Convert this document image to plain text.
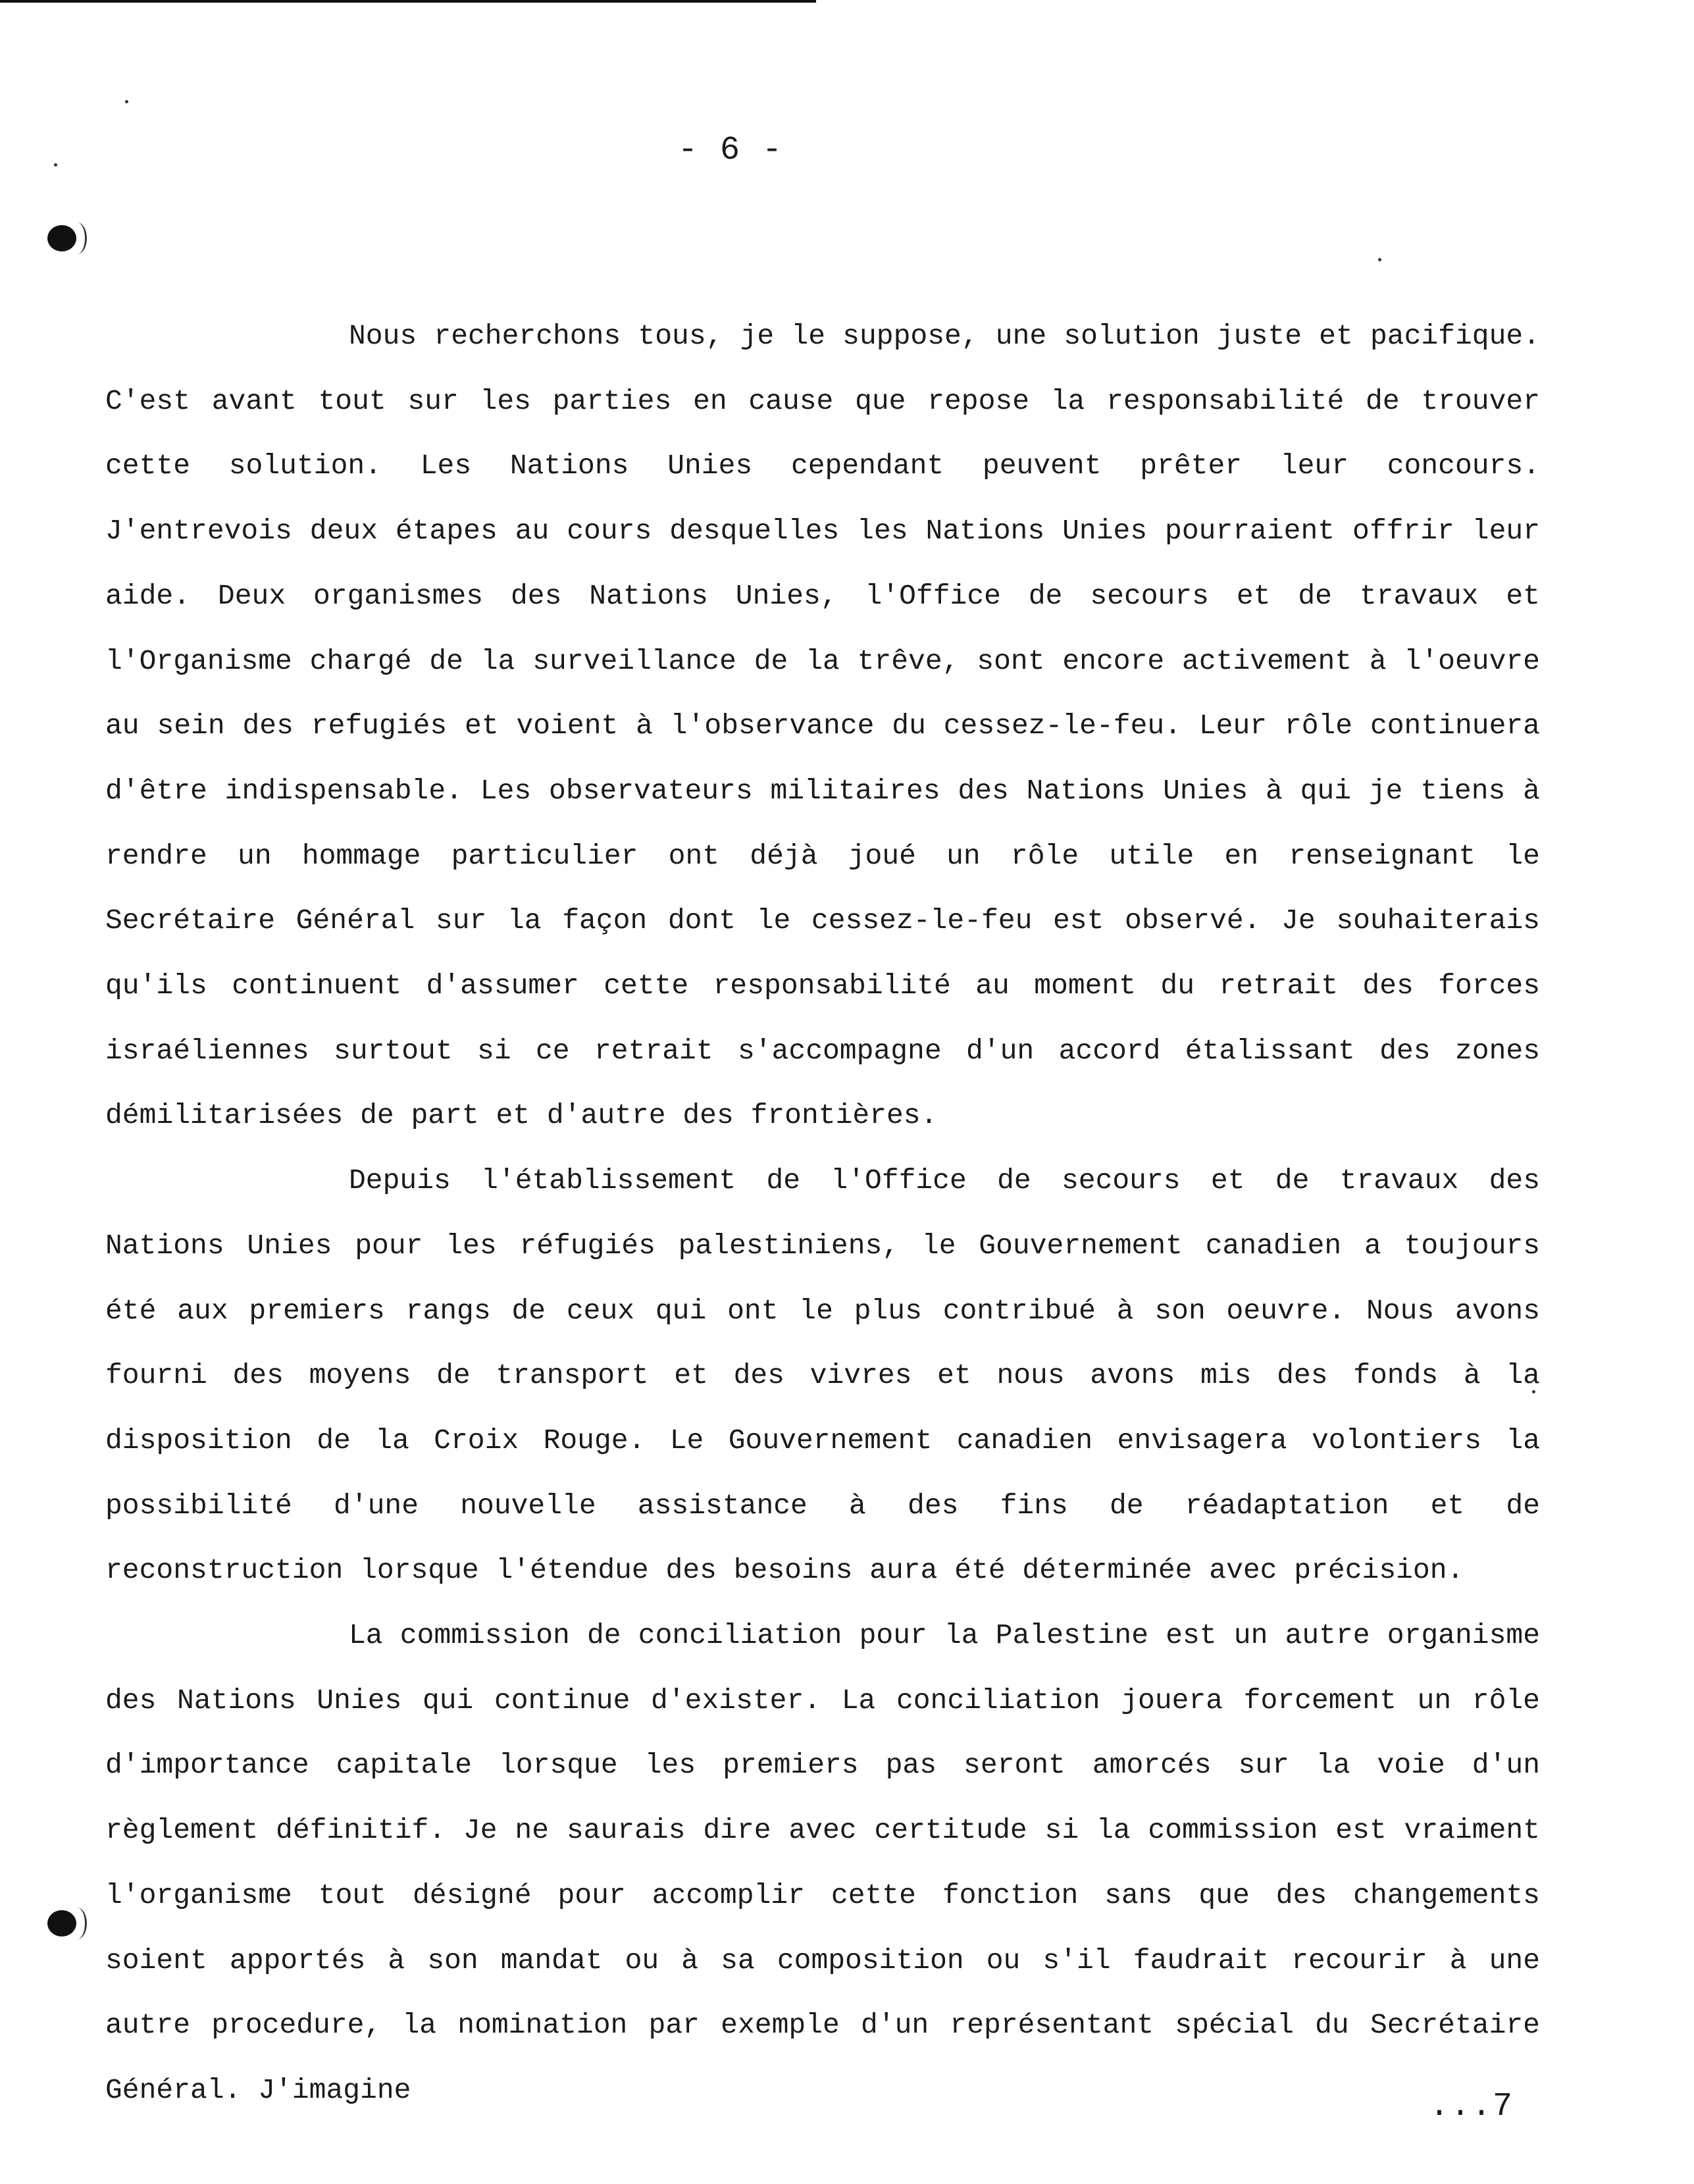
- 6 -

Nous recherchons tous, je le suppose, une solution juste et pacifique. C'est avant tout sur les parties en cause que repose la responsabilité de trouver cette solution. Les Nations Unies cependant peuvent prêter leur concours. J'entrevois deux étapes au cours desquelles les Nations Unies pourraient offrir leur aide. Deux organismes des Nations Unies, l'Office de secours et de travaux et l'Organisme chargé de la surveillance de la trêve, sont encore activement à l'oeuvre au sein des refugiés et voient à l'observance du cessez-le-feu. Leur rôle continuera d'être indispensable. Les observateurs militaires des Nations Unies à qui je tiens à rendre un hommage particulier ont déjà joué un rôle utile en renseignant le Secrétaire Général sur la façon dont le cessez-le-feu est observé. Je souhaiterais qu'ils continuent d'assumer cette responsabilité au moment du retrait des forces israéliennes surtout si ce retrait s'accompagne d'un accord étalissant des zones démilitarisées de part et d'autre des frontières.

Depuis l'établissement de l'Office de secours et de travaux des Nations Unies pour les réfugiés palestiniens, le Gouvernement canadien a toujours été aux premiers rangs de ceux qui ont le plus contribué à son oeuvre. Nous avons fourni des moyens de transport et des vivres et nous avons mis des fonds à la disposition de la Croix Rouge. Le Gouvernement canadien envisagera volontiers la possibilité d'une nouvelle assistance à des fins de réadaptation et de reconstruction lorsque l'étendue des besoins aura été déterminée avec précision.

La commission de conciliation pour la Palestine est un autre organisme des Nations Unies qui continue d'exister. La conciliation jouera forcement un rôle d'importance capitale lorsque les premiers pas seront amorcés sur la voie d'un règlement définitif. Je ne saurais dire avec certitude si la commission est vraiment l'organisme tout désigné pour accomplir cette fonction sans que des changements soient apportés à son mandat ou à sa composition ou s'il faudrait recourir à une autre procedure, la nomination par exemple d'un représentant spécial du Secrétaire Général. J'imagine	...7
